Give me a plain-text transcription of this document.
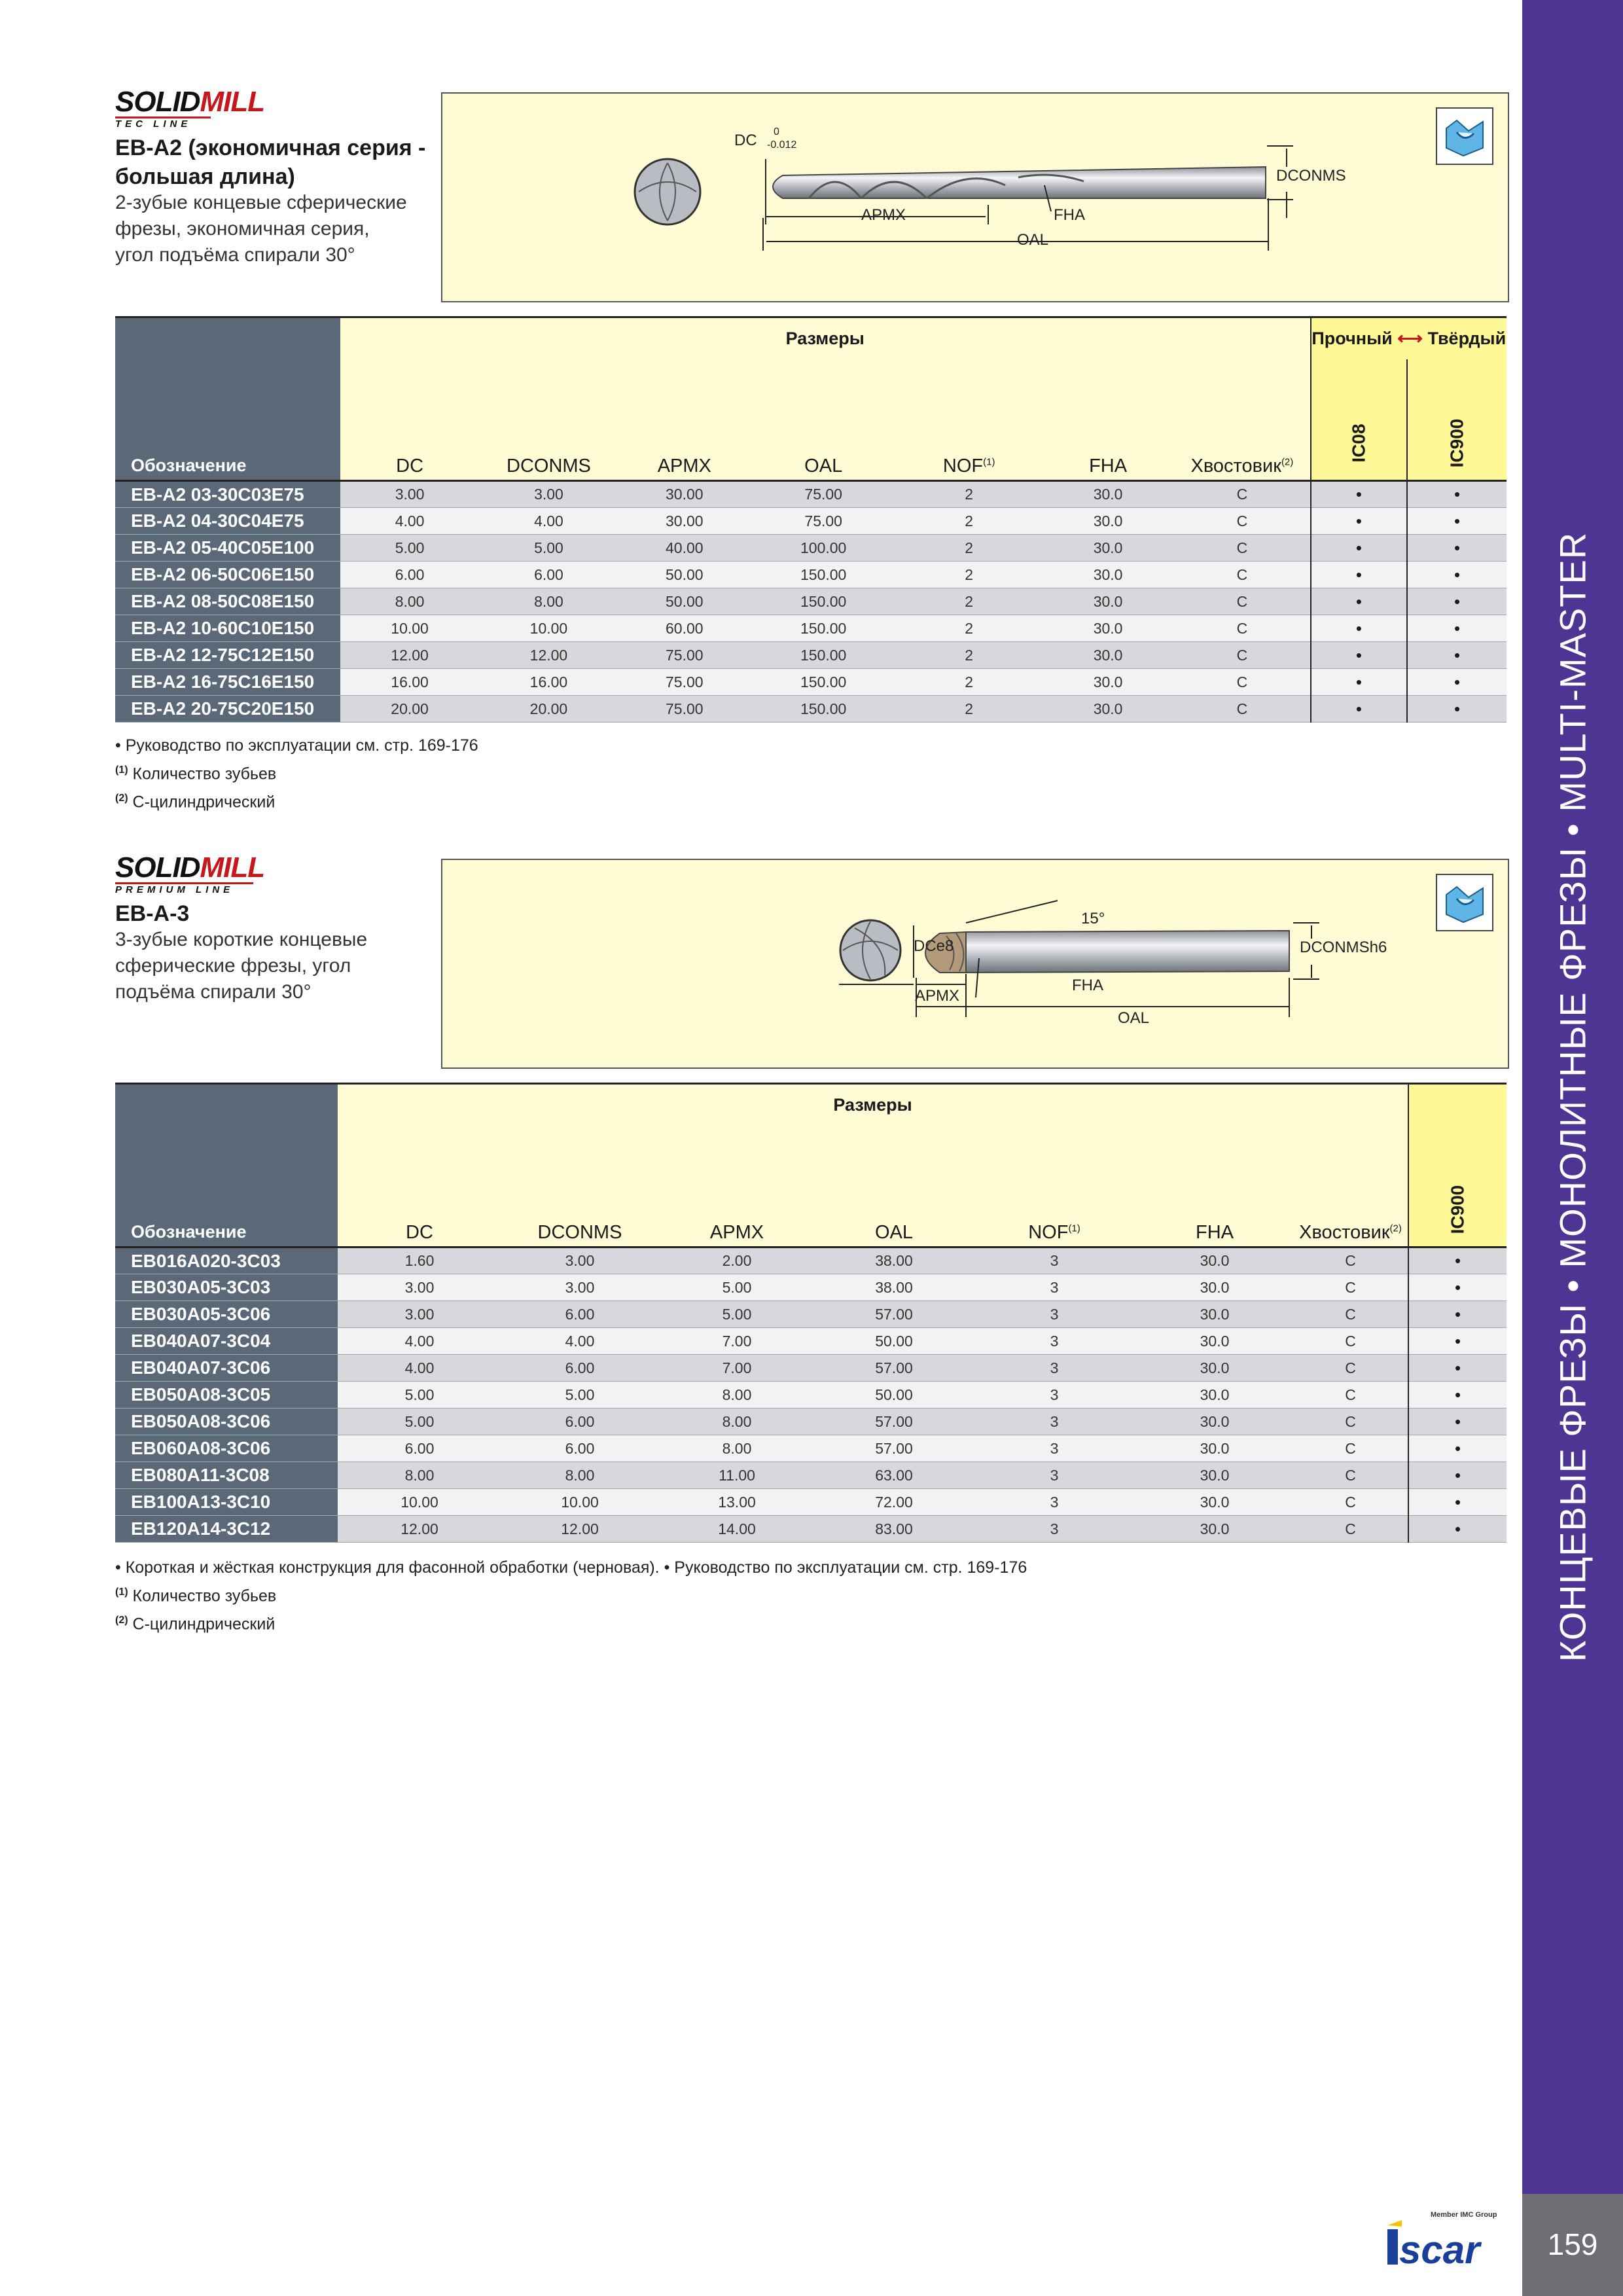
КОНЦЕВЫЕ ФРЕЗЫ • МОНОЛИТНЫЕ ФРЕЗЫ • MULTI-MASTER
159
Member IMC Group
scar
SOLIDMILL
TEC LINE
EB-A2 (экономичная серия -
большая длина)
2-зубые концевые сферические
фрезы, экономичная серия,
угол подъёма спирали 30°
DC 0
-0.012
DCONMS
APMX	FHA
OAL
Обозначение	Размеры							Прочный ⟷ Твёрдый	
	DC	DCONMS	APMX	OAL	NOF$^{(1)}$	FHA	Хвостовик$^{(2)}$	IC08	IC900
EB-A2 03-30C03E75	3.00	3.00	30.00	75.00	2	30.0	C	•	•
EB-A2 04-30C04E75	4.00	4.00	30.00	75.00	2	30.0	C	•	•
EB-A2 05-40C05E100	5.00	5.00	40.00	100.00	2	30.0	C	•	•
EB-A2 06-50C06E150	6.00	6.00	50.00	150.00	2	30.0	C	•	•
EB-A2 08-50C08E150	8.00	8.00	50.00	150.00	2	30.0	C	•	•
EB-A2 10-60C10E150	10.00	10.00	60.00	150.00	2	30.0	C	•	•
EB-A2 12-75C12E150	12.00	12.00	75.00	150.00	2	30.0	C	•	•
EB-A2 16-75C16E150	16.00	16.00	75.00	150.00	2	30.0	C	•	•
EB-A2 20-75C20E150	20.00	20.00	75.00	150.00	2	30.0	C	•	•
• Руководство по эксплуатации см. стр. 169-176
$^{(1)}$ Количество зубьев
$^{(2)}$ C-цилиндрический
SOLIDMILL
PREMIUM LINE
EB-A-3
3-зубые короткие концевые
сферические фрезы, угол
подъёма спирали 30°
DCe8
15°
DCONMSh6
APMX
FHA
OAL
Обозначение	Размеры							IC900
	DC	DCONMS	APMX	OAL	NOF$^{(1)}$	FHA	Хвостовик$^{(2)}$
EB016A020-3C03	1.60	3.00	2.00	38.00	3	30.0	C	•
EB030A05-3C03	3.00	3.00	5.00	38.00	3	30.0	C	•
EB030A05-3C06	3.00	6.00	5.00	57.00	3	30.0	C	•
EB040A07-3C04	4.00	4.00	7.00	50.00	3	30.0	C	•
EB040A07-3C06	4.00	6.00	7.00	57.00	3	30.0	C	•
EB050A08-3C05	5.00	5.00	8.00	50.00	3	30.0	C	•
EB050A08-3C06	5.00	6.00	8.00	57.00	3	30.0	C	•
EB060A08-3C06	6.00	6.00	8.00	57.00	3	30.0	C	•
EB080A11-3C08	8.00	8.00	11.00	63.00	3	30.0	C	•
EB100A13-3C10	10.00	10.00	13.00	72.00	3	30.0	C	•
EB120A14-3C12	12.00	12.00	14.00	83.00	3	30.0	C	•
• Короткая и жёсткая конструкция для фасонной обработки (черновая). • Руководство по эксплуатации см. стр. 169-176
$^{(1)}$ Количество зубьев
$^{(2)}$ C-цилиндрический
